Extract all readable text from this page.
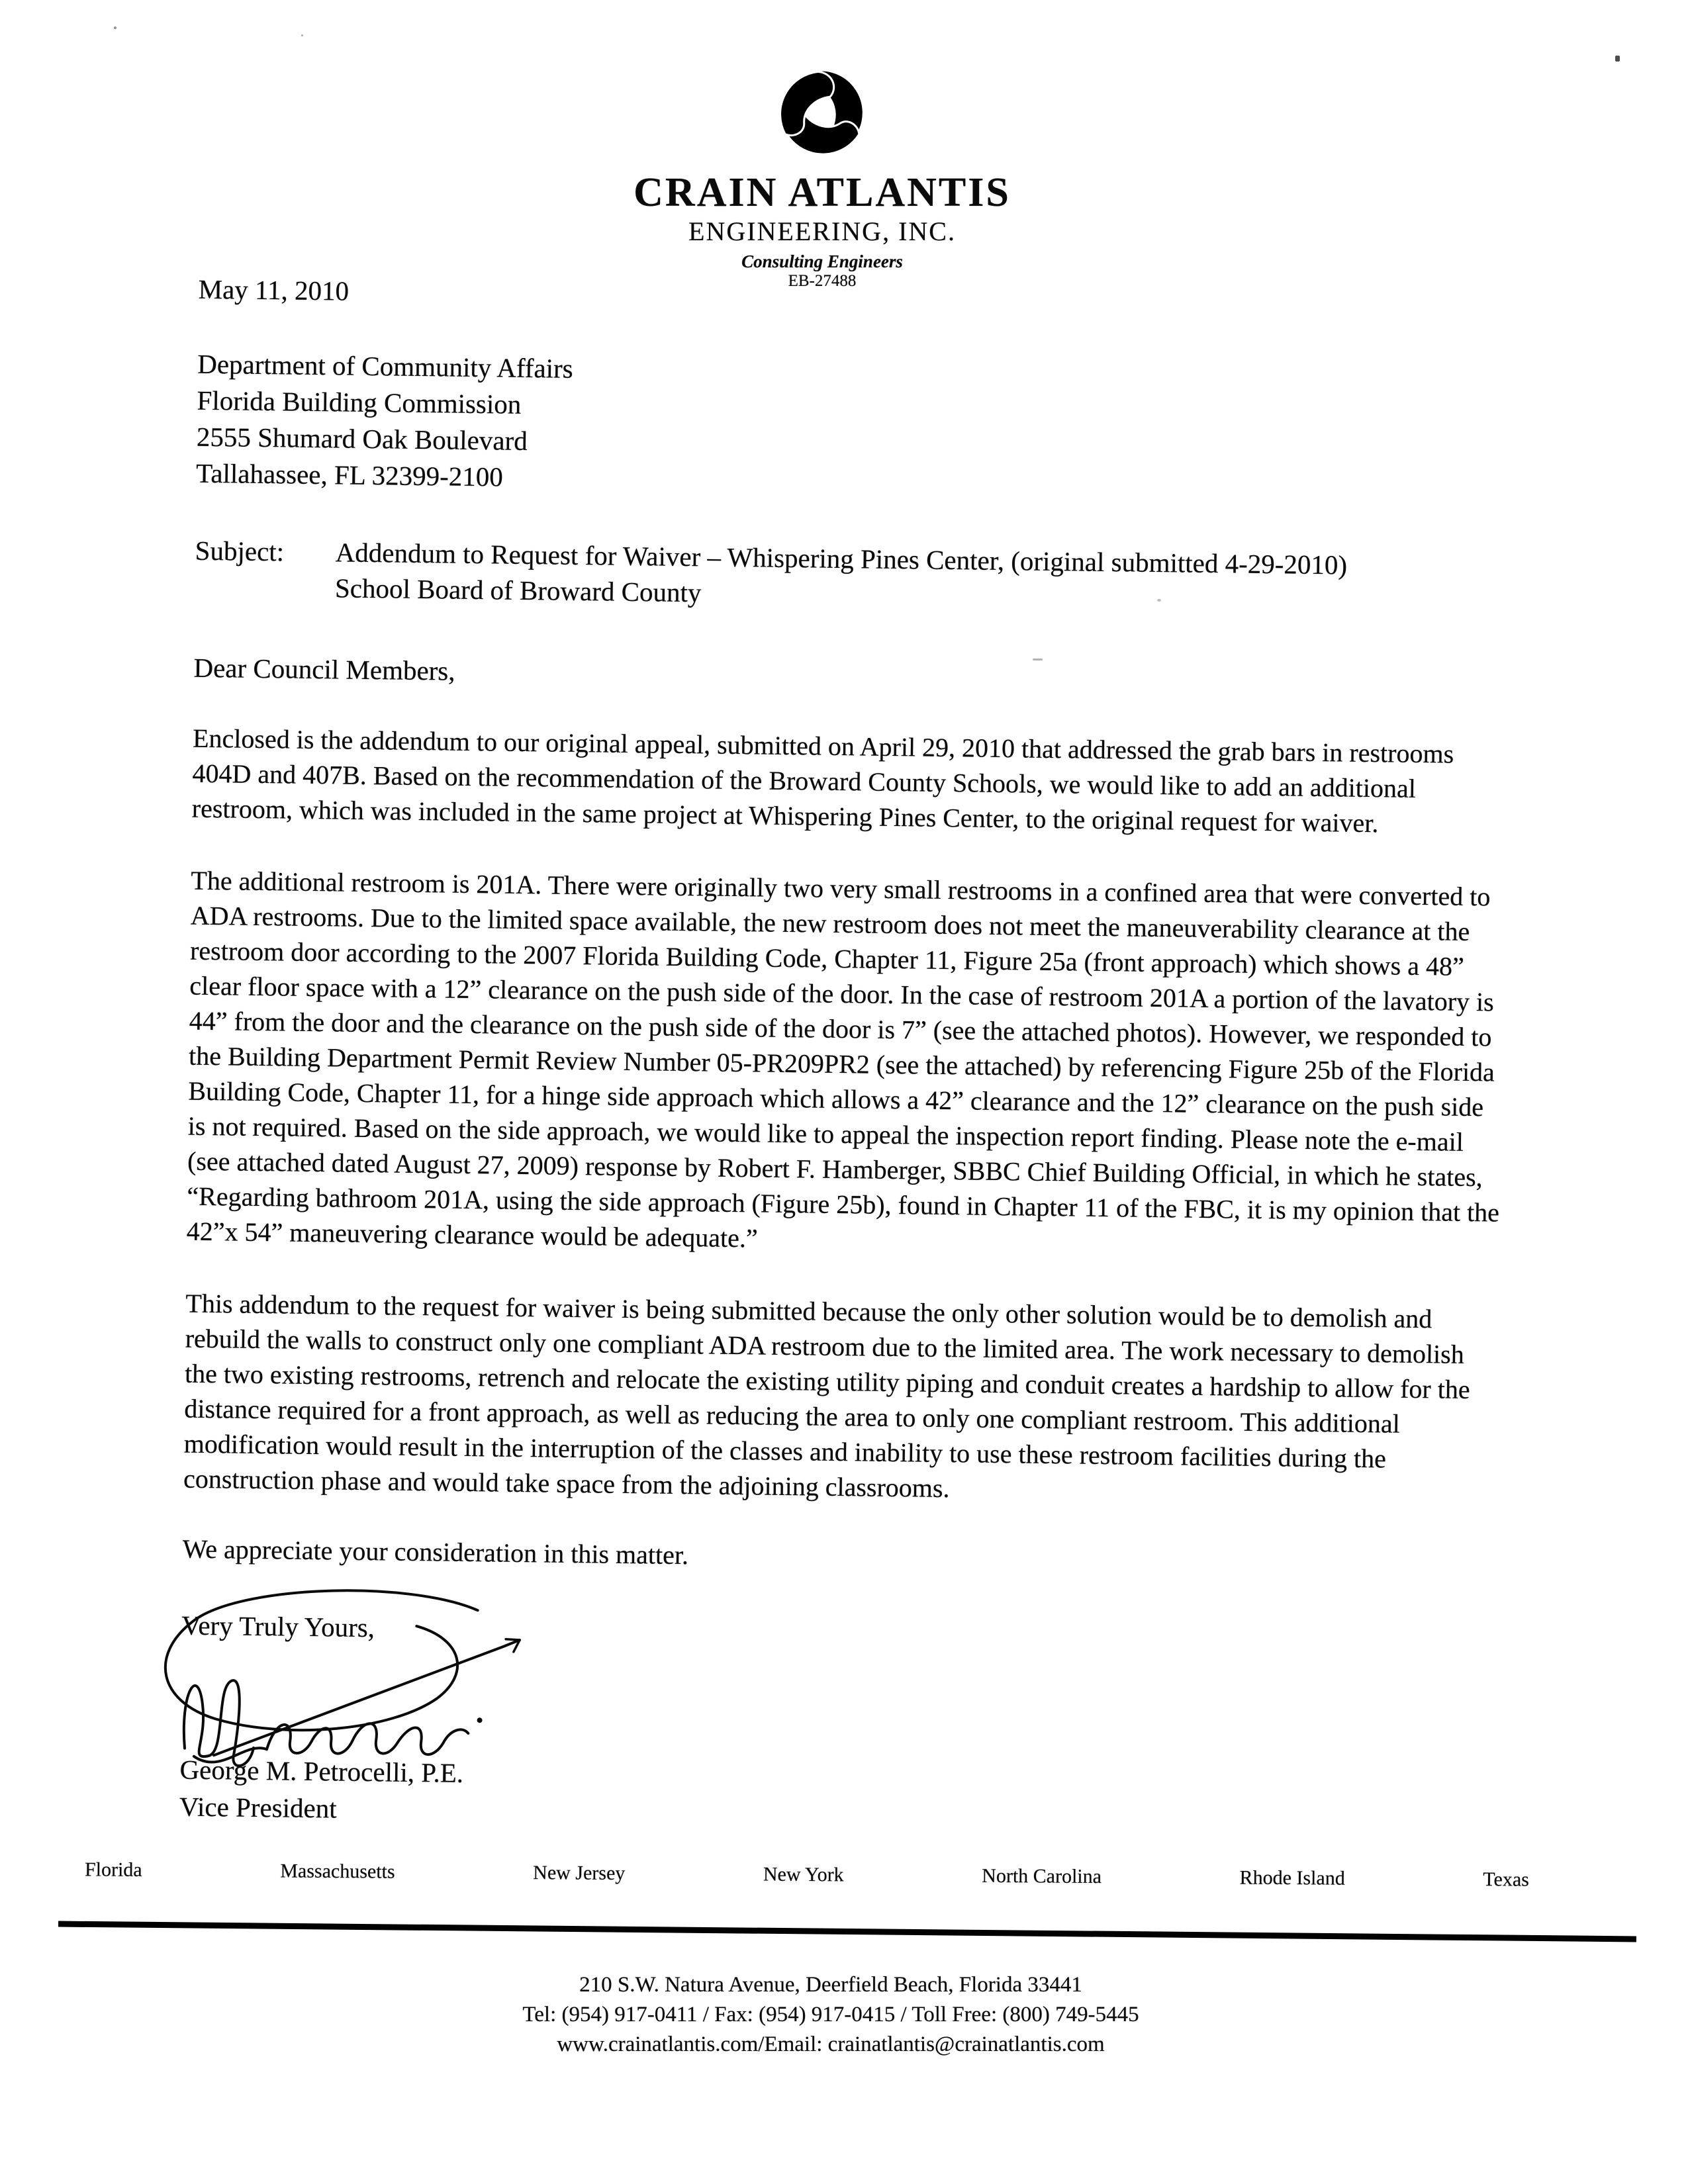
CRAIN ATLANTIS
ENGINEERING, INC.
Consulting Engineers
EB-27488
May 11, 2010
Department of Community Affairs
Florida Building Commission
2555 Shumard Oak Boulevard
Tallahassee, FL 32399-2100
Subject:	Addendum to Request for Waiver – Whispering Pines Center, (original submitted 4-29-2010)
School Board of Broward County
Dear Council Members,

Enclosed is the addendum to our original appeal, submitted on April 29, 2010 that addressed the grab bars in restrooms 404D and 407B. Based on the recommendation of the Broward County Schools, we would like to add an additional restroom, which was included in the same project at Whispering Pines Center, to the original request for waiver.

The additional restroom is 201A. There were originally two very small restrooms in a confined area that were converted to ADA restrooms. Due to the limited space available, the new restroom does not meet the maneuverability clearance at the restroom door according to the 2007 Florida Building Code, Chapter 11, Figure 25a (front approach) which shows a 48” clear floor space with a 12” clearance on the push side of the door. In the case of restroom 201A a portion of the lavatory is 44” from the door and the clearance on the push side of the door is 7” (see the attached photos). However, we responded to the Building Department Permit Review Number 05-PR209PR2 (see the attached) by referencing Figure 25b of the Florida Building Code, Chapter 11, for a hinge side approach which allows a 42” clearance and the 12” clearance on the push side is not required. Based on the side approach, we would like to appeal the inspection report finding. Please note the e-mail (see attached dated August 27, 2009) response by Robert F. Hamberger, SBBC Chief Building Official, in which he states, “Regarding bathroom 201A, using the side approach (Figure 25b), found in Chapter 11 of the FBC, it is my opinion that the 42”x 54” maneuvering clearance would be adequate.”

This addendum to the request for waiver is being submitted because the only other solution would be to demolish and rebuild the walls to construct only one compliant ADA restroom due to the limited area. The work necessary to demolish the two existing restrooms, retrench and relocate the existing utility piping and conduit creates a hardship to allow for the distance required for a front approach, as well as reducing the area to only one compliant restroom. This additional modification would result in the interruption of the classes and inability to use these restroom facilities during the construction phase and would take space from the adjoining classrooms.

We appreciate your consideration in this matter.
Very Truly Yours,
George M. Petrocelli, P.E.
Vice President
Florida	Massachusetts	New Jersey	New York	North Carolina	Rhode Island	Texas
210 S.W. Natura Avenue, Deerfield Beach, Florida 33441
Tel: (954) 917-0411 / Fax: (954) 917-0415 / Toll Free: (800) 749-5445
www.crainatlantis.com/Email: crainatlantis@crainatlantis.com
